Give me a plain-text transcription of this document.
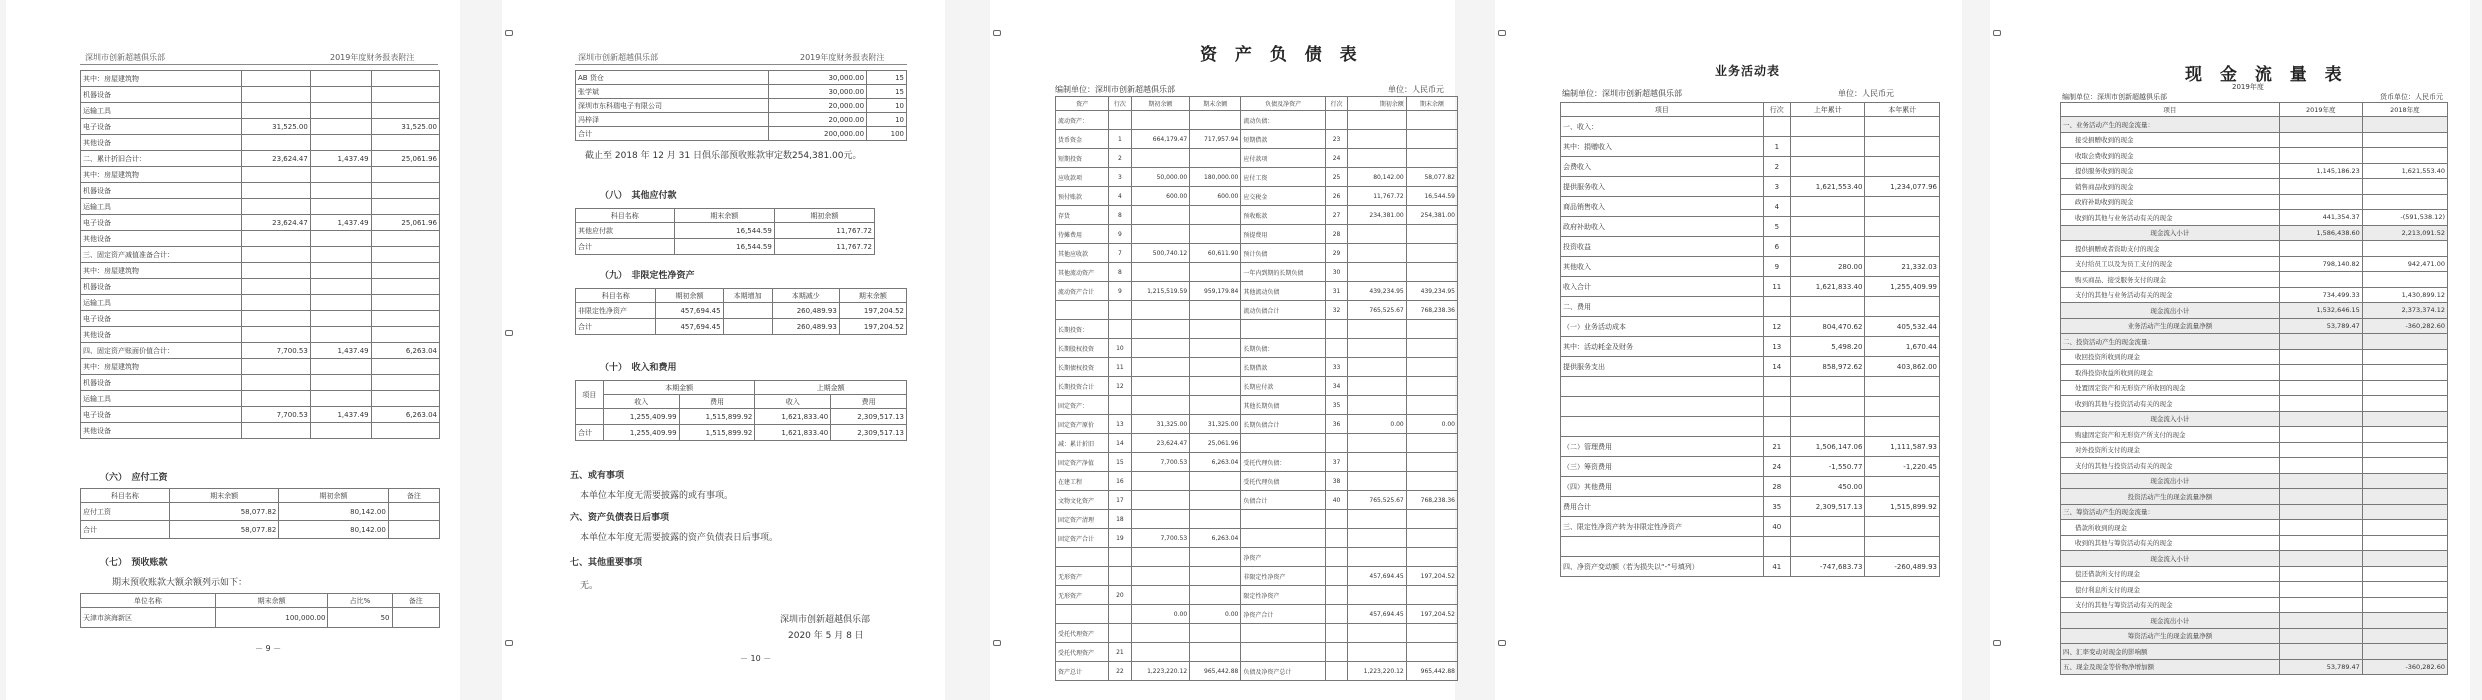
深圳市创新超越俱乐部	2019年度财务报表附注
其中：房屋建筑物			
机器设备			
运输工具			
电子设备	31,525.00		31,525.00
其他设备			
二、累计折旧合计：	23,624.47	1,437.49	25,061.96
其中：房屋建筑物			
机器设备			
运输工具			
电子设备	23,624.47	1,437.49	25,061.96
其他设备			
三、固定资产减值准备合计：			
其中：房屋建筑物			
机器设备			
运输工具			
电子设备			
其他设备			
四、固定资产账面价值合计：	7,700.53	1,437.49	6,263.04
其中：房屋建筑物			
机器设备			
运输工具			
电子设备	7,700.53	1,437.49	6,263.04
其他设备			
（六）　应付工资
科目名称	期末余额	期初余额	备注
应付工资	58,077.82	80,142.00	
合计	58,077.82	80,142.00	
（七）　预收账款
期末预收账款大额余额列示如下：
单位名称	期末余额	占比%	备注
天津市滨海新区	100,000.00	50	
－ 9 －
深圳市创新超越俱乐部	2019年度财务报表附注
AB 货仓	30,000.00	15
张学斌	30,000.00	15
深圳市东科瑞电子有限公司	20,000.00	10
冯梓泽	20,000.00	10
合计	200,000.00	100
截止至 2018 年 12 月 31 日俱乐部预收账款审定数254,381.00元。
（八）　其他应付款
科目名称	期末余额	期初余额
其他应付款	16,544.59	11,767.72
合计	16,544.59	11,767.72
（九）　非限定性净资产
科目名称	期初余额	本期增加	本期减少	期末余额
非限定性净资产	457,694.45		260,489.93	197,204.52
合计	457,694.45		260,489.93	197,204.52
（十）　收入和费用
项目	本期金额		上期金额	
	收入	费用	收入	费用
	1,255,409.99	1,515,899.92	1,621,833.40	2,309,517.13
合计	1,255,409.99	1,515,899.92	1,621,833.40	2,309,517.13
五、或有事项
本单位本年度无需要披露的或有事项。
六、资产负债表日后事项
本单位本年度无需要披露的资产负债表日后事项。
七、其他重要事项
无。
深圳市创新超越俱乐部
2020 年 5 月 8 日
－ 10 －
资 产 负 债 表
编制单位：深圳市创新超越俱乐部	单位：人民币元
资产	行次	期初余额	期末余额	负债及净资产	行次	期初余额	期末余额
流动资产：				流动负债：			
货币资金	1	664,179.47	717,957.94	短期借款	23		
短期投资	2			应付款项	24		
应收款项	3	50,000.00	180,000.00	应付工资	25	80,142.00	58,077.82
预付账款	4	600.00	600.00	应交税金	26	11,767.72	16,544.59
存货	8			预收账款	27	234,381.00	254,381.00
待摊费用	9			预提费用	28		
其他应收款	7	500,740.12	60,611.90	预计负债	29		
其他流动资产	8			一年内到期的长期负债	30		
流动资产合计	9	1,215,519.59	959,179.84	其他流动负债	31	439,234.95	439,234.95
				流动负债合计	32	765,525.67	768,238.36
长期投资：							
长期股权投资	10			长期负债：			
长期债权投资	11			长期借款	33		
长期投资合计	12			长期应付款	34		
固定资产：				其他长期负债	35		
固定资产原价	13	31,325.00	31,325.00	长期负债合计	36	0.00	0.00
减：累计折旧	14	23,624.47	25,061.96				
固定资产净值	15	7,700.53	6,263.04	受托代理负债：	37		
在建工程	16			受托代理负债	38		
文物文化资产	17			负债合计	40	765,525.67	768,238.36
固定资产清理	18						
固定资产合计	19	7,700.53	6,263.04				
				净资产			
无形资产				非限定性净资产		457,694.45	197,204.52
无形资产	20			限定性净资产			
		0.00	0.00	净资产合计		457,694.45	197,204.52
受托代理资产							
受托代理资产	21						
资产总计	22	1,223,220.12	965,442.88	负债及净资产总计		1,223,220.12	965,442.88
业务活动表
编制单位：深圳市创新超越俱乐部	单位：人民币元
项目	行次	上年累计	本年累计
一、收入：			
其中：捐赠收入	1		
会费收入	2		
提供服务收入	3	1,621,553.40	1,234,077.96
商品销售收入	4		
政府补助收入	5		
投资收益	6		
其他收入	9	280.00	21,332.03
收入合计	11	1,621,833.40	1,255,409.99
二、费用			
（一）业务活动成本	12	804,470.62	405,532.44
其中：活动耗金及财务	13	5,498.20	1,670.44
提供服务支出	14	858,972.62	403,862.00

（二）管理费用	21	1,506,147.06	1,111,587.93
（三）筹资费用	24	-1,550.77	-1,220.45
（四）其他费用	28	450.00	
费用合计	35	2,309,517.13	1,515,899.92
三、限定性净资产转为非限定性净资产	40		

四、净资产变动额（若为损失以“-”号填列）	41	-747,683.73	-260,489.93
现 金 流 量 表
2019年度
编制单位：深圳市创新超越俱乐部	货币单位：人民币元
项目	2019年度	2018年度
一、业务活动产生的现金流量：		
接受捐赠收到的现金		
收取会费收到的现金		
提供服务收到的现金	1,145,186.23	1,621,553.40
销售商品收到的现金		
政府补助收到的现金		
收到的其他与业务活动有关的现金	441,354.37	-(591,538.12)
现金流入小计	1,586,438.60	2,213,091.52
提供捐赠或者资助支付的现金		
支付给员工以及为员工支付的现金	798,140.82	942,471.00
购买商品、接受服务支付的现金		
支付的其他与业务活动有关的现金	734,499.33	1,430,899.12
现金流出小计	1,532,646.15	2,373,374.12
业务活动产生的现金流量净额	53,789.47	-360,282.60
二、投资活动产生的现金流量：		
收回投资所收到的现金		
取得投资收益所收到的现金		
处置固定资产和无形资产所收回的现金		
收到的其他与投资活动有关的现金		
现金流入小计		
购建固定资产和无形资产所支付的现金		
对外投资所支付的现金		
支付的其他与投资活动有关的现金		
现金流出小计		
投资活动产生的现金流量净额		
三、筹资活动产生的现金流量：		
借款所收到的现金		
收到的其他与筹资活动有关的现金		
现金流入小计		
偿还借款所支付的现金		
偿付利息所支付的现金		
支付的其他与筹资活动有关的现金		
现金流出小计		
筹资活动产生的现金流量净额		
四、汇率变动对现金的影响额		
五、现金及现金等价物净增加额	53,789.47	-360,282.60
